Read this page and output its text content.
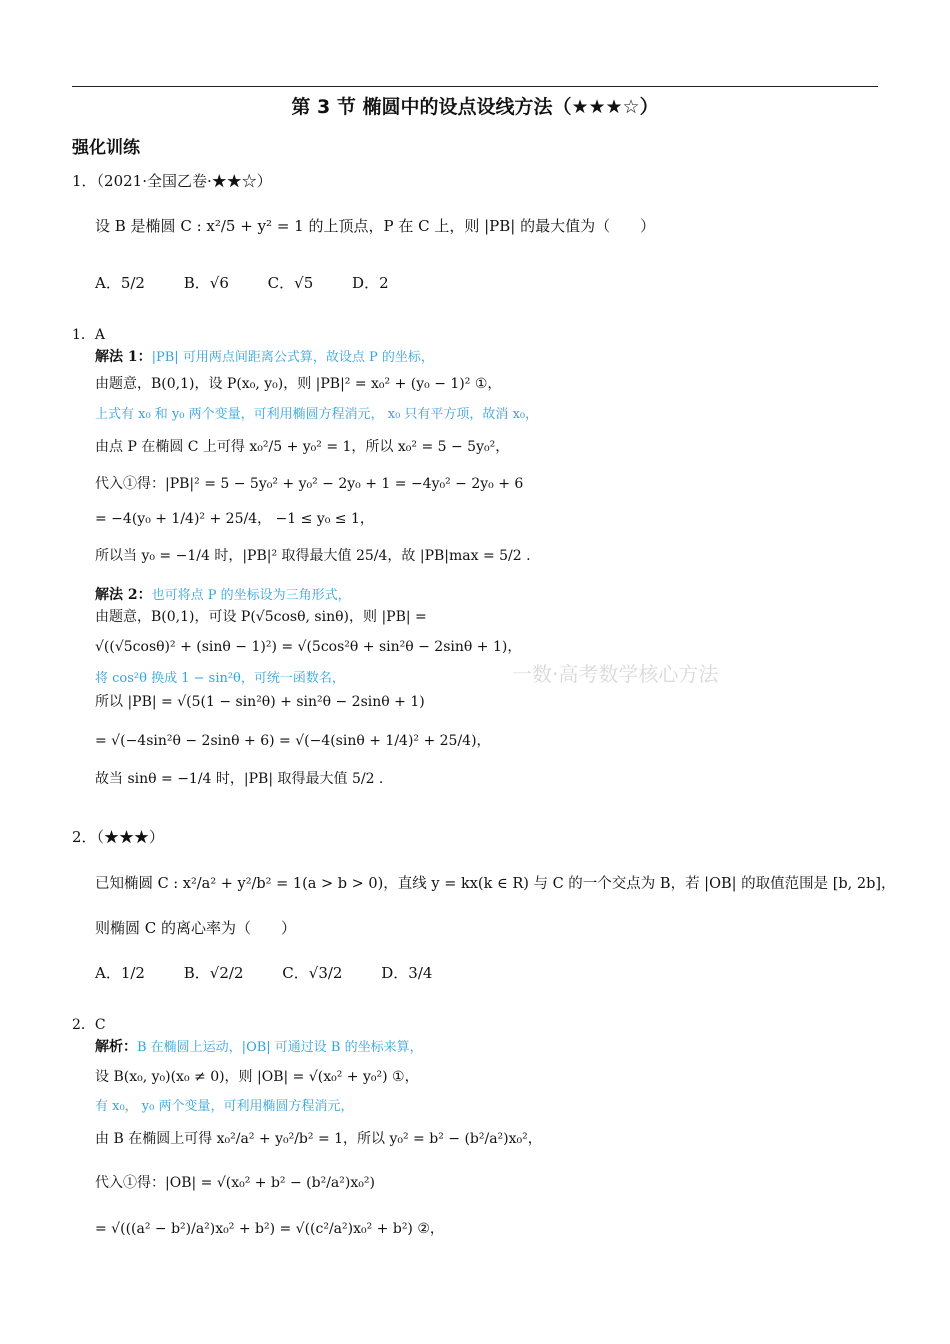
第 3 节 椭圆中的设点设线方法（★★★☆）
强化训练
1．（2021·全国乙卷·★★☆）
设 B 是椭圆 C : x²/5 + y² = 1 的上顶点，P 在 C 上，则 |PB| 的最大值为（　　）
A．5/2	B．√6	C．√5	D．2
1．A
解法 1：|PB| 可用两点间距离公式算，故设点 P 的坐标，
由题意，B(0,1)，设 P(x₀, y₀)，则 |PB|² = x₀² + (y₀ − 1)² ①，
上式有 x₀ 和 y₀ 两个变量，可利用椭圆方程消元， x₀ 只有平方项，故消 x₀，
由点 P 在椭圆 C 上可得 x₀²/5 + y₀² = 1，所以 x₀² = 5 − 5y₀²，
代入①得：|PB|² = 5 − 5y₀² + y₀² − 2y₀ + 1 = −4y₀² − 2y₀ + 6
= −4(y₀ + 1/4)² + 25/4， −1 ≤ y₀ ≤ 1，
所以当 y₀ = −1/4 时，|PB|² 取得最大值 25/4，故 |PB|max = 5/2 .
解法 2：也可将点 P 的坐标设为三角形式，
由题意，B(0,1)，可设 P(√5cosθ, sinθ)，则 |PB| =
√((√5cosθ)² + (sinθ − 1)²) = √(5cos²θ + sin²θ − 2sinθ + 1)，
将 cos²θ 换成 1 − sin²θ，可统一函数名，
所以 |PB| = √(5(1 − sin²θ) + sin²θ − 2sinθ + 1)
= √(−4sin²θ − 2sinθ + 6) = √(−4(sinθ + 1/4)² + 25/4)，
故当 sinθ = −1/4 时，|PB| 取得最大值 5/2 .
一数·高考数学核心方法
2．（★★★）
已知椭圆 C : x²/a² + y²/b² = 1(a > b > 0)，直线 y = kx(k ∈ R) 与 C 的一个交点为 B，若 |OB| 的取值范围是 [b, 2b]，
则椭圆 C 的离心率为（　　）
A．1/2	B．√2/2	C．√3/2	D．3/4
2．C
解析：B 在椭圆上运动，|OB| 可通过设 B 的坐标来算，
设 B(x₀, y₀)(x₀ ≠ 0)，则 |OB| = √(x₀² + y₀²) ①，
有 x₀， y₀ 两个变量，可利用椭圆方程消元，
由 B 在椭圆上可得 x₀²/a² + y₀²/b² = 1，所以 y₀² = b² − (b²/a²)x₀²，
代入①得：|OB| = √(x₀² + b² − (b²/a²)x₀²)
= √(((a² − b²)/a²)x₀² + b²) = √((c²/a²)x₀² + b²) ②，
